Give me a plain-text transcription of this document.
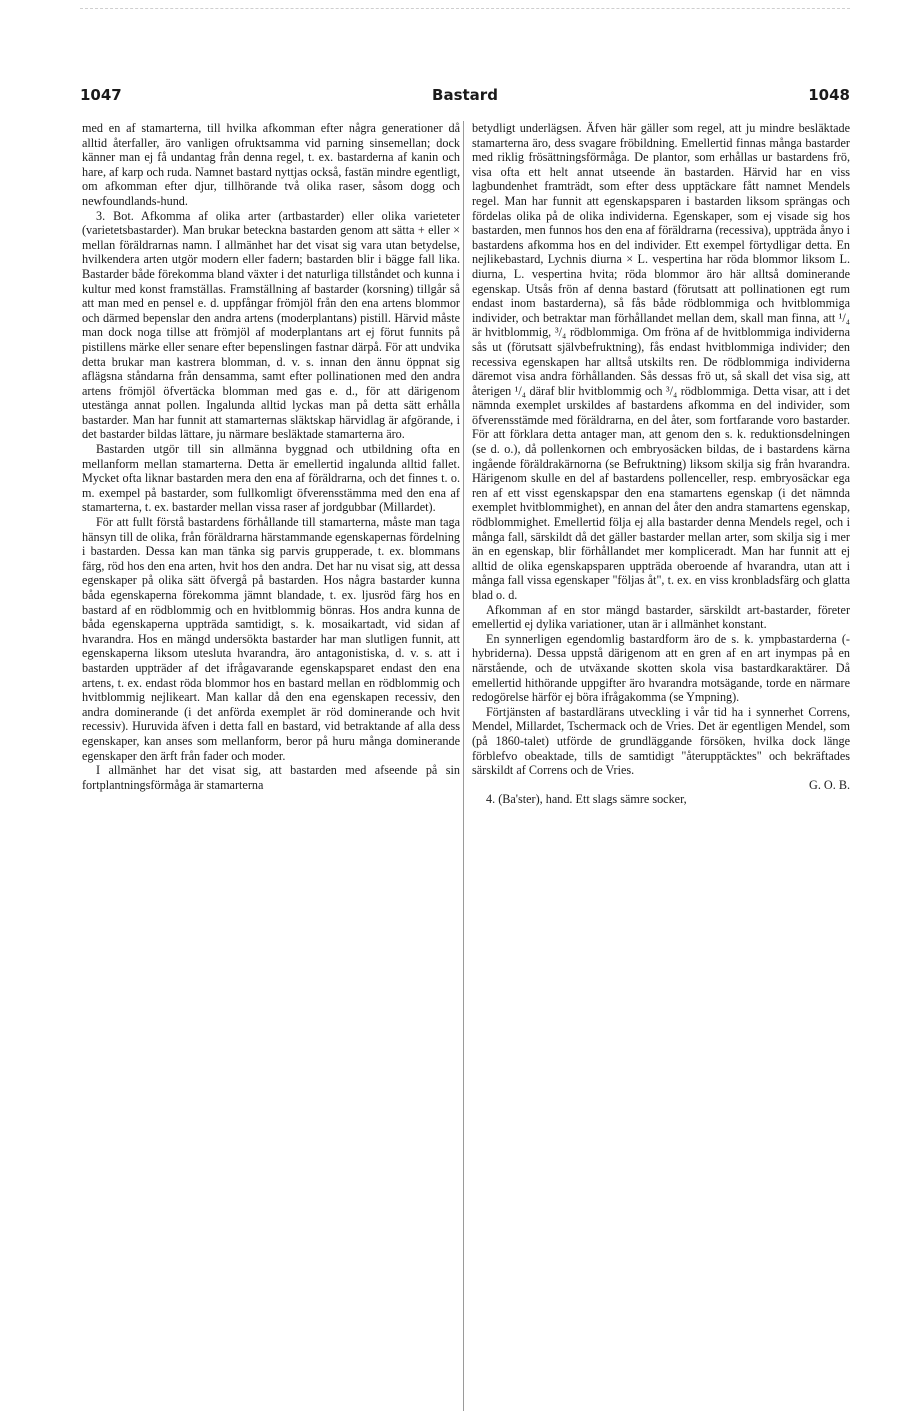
1047	Bastard	1048

med en af stamarterna, till hvilka afkomman efter några generationer då alltid återfaller, äro vanligen ofruktsamma vid parning sinsemellan; dock känner man ej få undantag från denna regel, t. ex. bastarderna af kanin och hare, af karp och ruda. Namnet bastard nyttjas också, fastän mindre egentligt, om afkomman efter djur, tillhörande två olika raser, såsom dogg och newfoundlands-hund.

3. Bot. Afkomma af olika arter (artbastarder) eller olika varieteter (varietetsbastarder). Man brukar beteckna bastarden genom att sätta + eller × mellan föräldrarnas namn. I allmänhet har det visat sig vara utan betydelse, hvilkendera arten utgör modern eller fadern; bastarden blir i bägge fall lika. Bastarder både förekomma bland växter i det naturliga tillståndet och kunna i kultur med konst framställas. Framställning af bastarder (korsning) tillgår så att man med en pensel e. d. uppfångar frömjöl från den ena artens blommor och därmed bepenslar den andra artens (moderplantans) pistill. Härvid måste man dock noga tillse att frömjöl af moderplantans art ej förut funnits på pistillens märke eller senare efter bepenslingen fastnar därpå. För att undvika detta brukar man kastrera blomman, d. v. s. innan den ännu öppnat sig aflägsna ståndarna från densamma, samt efter pollinationen med den andra artens frömjöl öfvertäcka blomman med gas e. d., för att därigenom utestänga annat pollen. Ingalunda alltid lyckas man på detta sätt erhålla bastarder. Man har funnit att stamarternas släktskap härvidlag är afgörande, i det bastarder bildas lättare, ju närmare besläktade stamarterna äro.

Bastarden utgör till sin allmänna byggnad och utbildning ofta en mellanform mellan stamarterna. Detta är emellertid ingalunda alltid fallet. Mycket ofta liknar bastarden mera den ena af föräldrarna, och det finnes t. o. m. exempel på bastarder, som fullkomligt öfverensstämma med den ena af stamarterna, t. ex. bastarder mellan vissa raser af jordgubbar (Millardet).

För att fullt förstå bastardens förhållande till stamarterna, måste man taga hänsyn till de olika, från föräldrarna härstammande egenskapernas fördelning i bastarden. Dessa kan man tänka sig parvis grupperade, t. ex. blommans färg, röd hos den ena arten, hvit hos den andra. Det har nu visat sig, att dessa egenskaper på olika sätt öfvergå på bastarden. Hos några bastarder kunna båda egenskaperna förekomma jämnt blandade, t. ex. ljusröd färg hos en bastard af en rödblommig och en hvitblommig bönras. Hos andra kunna de båda egenskaperna uppträda samtidigt, s. k. mosaikartadt, vid sidan af hvarandra. Hos en mängd undersökta bastarder har man slutligen funnit, att egenskaperna liksom utesluta hvarandra, äro antagonistiska, d. v. s. att i bastarden uppträder af det ifrågavarande egenskapsparet endast den ena artens, t. ex. endast röda blommor hos en bastard mellan en rödblommig och hvitblommig nejlikeart. Man kallar då den ena egenskapen recessiv, den andra dominerande (i det anförda exemplet är röd dominerande och hvit recessiv). Huruvida äfven i detta fall en bastard, vid betraktande af alla dess egenskaper, kan anses som mellanform, beror på huru många dominerande egenskaper den ärft från fader och moder.

I allmänhet har det visat sig, att bastarden med afseende på sin fortplantningsförmåga är stamarterna

betydligt underlägsen. Äfven här gäller som regel, att ju mindre besläktade stamarterna äro, dess svagare fröbildning. Emellertid finnas många bastarder med riklig frösättningsförmåga. De plantor, som erhållas ur bastardens frö, visa ofta ett helt annat utseende än bastarden. Härvid har en viss lagbundenhet framträdt, som efter dess upptäckare fått namnet Mendels regel. Man har funnit att egenskapsparen i bastarden liksom sprängas och fördelas olika på de olika individerna. Egenskaper, som ej visade sig hos bastarden, men funnos hos den ena af föräldrarna (recessiva), uppträda ånyo i bastardens afkomma hos en del individer. Ett exempel förtydligar detta. En nejlikebastard, Lychnis diurna × L. vespertina har röda blommor liksom L. diurna, L. vespertina hvita; röda blommor äro här alltså dominerande egenskap. Utsås frön af denna bastard (förutsatt att pollinationen egt rum endast inom bastarderna), så fås både rödblommiga och hvitblommiga individer, och betraktar man förhållandet mellan dem, skall man finna, att ¹/₄ är hvitblommig, ³/₄ rödblommiga. Om fröna af de hvitblommiga individerna sås ut (förutsatt självbefruktning), fås endast hvitblommiga individer; den recessiva egenskapen har alltså utskilts ren. De rödblommiga individerna däremot visa andra förhållanden. Sås dessas frö ut, så skall det visa sig, att återigen ¹/₄ däraf blir hvitblommig och ³/₄ rödblommiga. Detta visar, att i det nämnda exemplet urskildes af bastardens afkomma en del individer, som öfverensstämde med föräldrarna, en del åter, som fortfarande voro bastarder. För att förklara detta antager man, att genom den s. k. reduktionsdelningen (se d. o.), då pollenkornen och embryosäcken bildas, de i bastardens kärna ingående föräldrakärnorna (se Befruktning) liksom skilja sig från hvarandra. Härigenom skulle en del af bastardens pollenceller, resp. embryosäckar ega ren af ett visst egenskapspar den ena stamartens egenskap (i det nämnda exemplet hvitblommighet), en annan del åter den andra stamartens egenskap, rödblommighet. Emellertid följa ej alla bastarder denna Mendels regel, och i många fall, särskildt då det gäller bastarder mellan arter, som skilja sig i mer än en egenskap, blir förhållandet mer kompliceradt. Man har funnit att ej alltid de olika egenskapsparen uppträda oberoende af hvarandra, utan att i många fall vissa egenskaper "följas åt", t. ex. en viss kronbladsfärg och glatta blad o. d.

Afkomman af en stor mängd bastarder, särskildt art-bastarder, företer emellertid ej dylika variationer, utan är i allmänhet konstant.

En synnerligen egendomlig bastardform äro de s. k. ympbastarderna (-hybriderna). Dessa uppstå därigenom att en gren af en art inympas på en närstående, och de utväxande skotten skola visa bastardkaraktärer. Då emellertid hithörande uppgifter äro hvarandra motsägande, torde en närmare redogörelse härför ej böra ifrågakomma (se Ympning).

Förtjänsten af bastardlärans utveckling i vår tid ha i synnerhet Correns, Mendel, Millardet, Tschermack och de Vries. Det är egentligen Mendel, som (på 1860-talet) utförde de grundläggande försöken, hvilka dock länge förblefvo obeaktade, tills de samtidigt "återupptäcktes" och bekräftades särskildt af Correns och de Vries.

G. O. B.

4. (Ba'ster), hand. Ett slags sämre socker,
